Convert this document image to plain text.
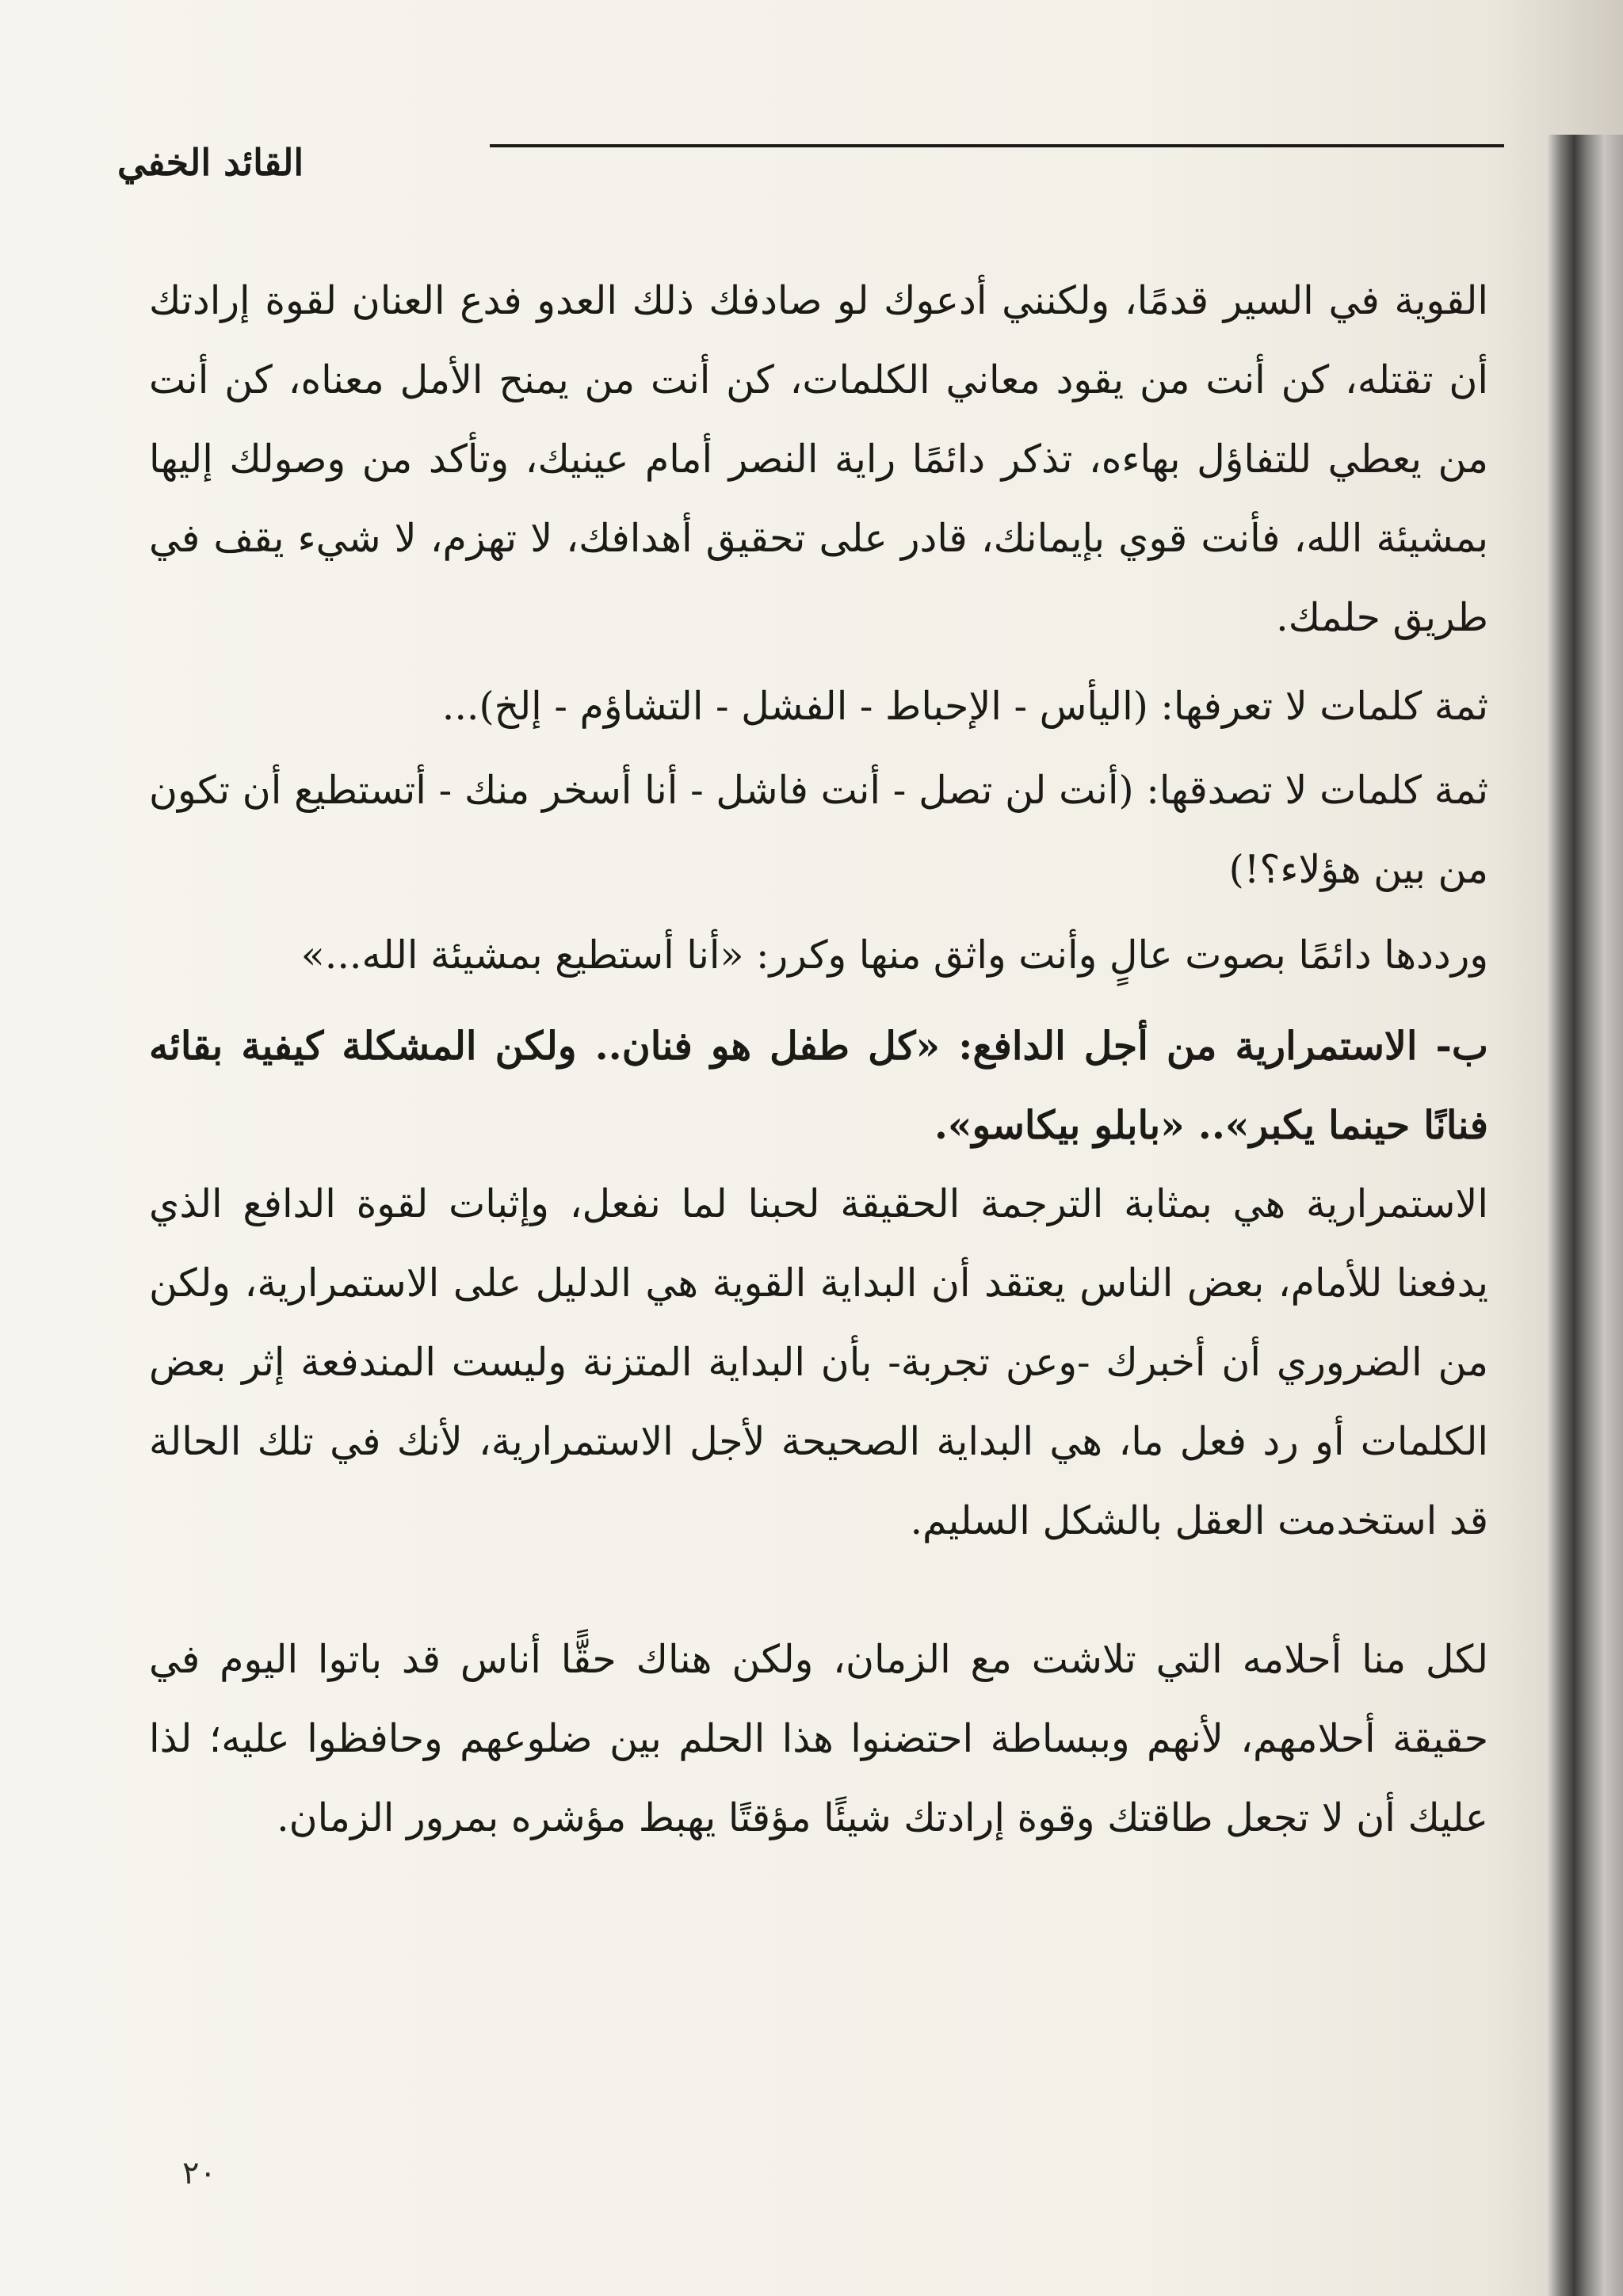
القائد الخفي

القوية في السير قدمًا، ولكنني أدعوك لو صادفك ذلك العدو فدع العنان لقوة إرادتك أن تقتله، كن أنت من يقود معاني الكلمات، كن أنت من يمنح الأمل معناه، كن أنت من يعطي للتفاؤل بهاءه، تذكر دائمًا راية النصر أمام عينيك، وتأكد من وصولك إليها بمشيئة الله، فأنت قوي بإيمانك، قادر على تحقيق أهدافك، لا تهزم، لا شيء يقف في طريق حلمك.

ثمة كلمات لا تعرفها: (اليأس - الإحباط - الفشل - التشاؤم - إلخ)...

ثمة كلمات لا تصدقها: (أنت لن تصل - أنت فاشل - أنا أسخر منك - أتستطيع أن تكون من بين هؤلاء؟!)

ورددها دائمًا بصوت عالٍ وأنت واثق منها وكرر: «أنا أستطيع بمشيئة الله...»

ب- الاستمرارية من أجل الدافع: «كل طفل هو فنان.. ولكن المشكلة كيفية بقائه فنانًا حينما يكبر».. «بابلو بيكاسو».

الاستمرارية هي بمثابة الترجمة الحقيقة لحبنا لما نفعل، وإثبات لقوة الدافع الذي يدفعنا للأمام، بعض الناس يعتقد أن البداية القوية هي الدليل على الاستمرارية، ولكن من الضروري أن أخبرك -وعن تجربة- بأن البداية المتزنة وليست المندفعة إثر بعض الكلمات أو رد فعل ما، هي البداية الصحيحة لأجل الاستمرارية، لأنك في تلك الحالة قد استخدمت العقل بالشكل السليم.

لكل منا أحلامه التي تلاشت مع الزمان، ولكن هناك حقًّا أناس قد باتوا اليوم في حقيقة أحلامهم، لأنهم وببساطة احتضنوا هذا الحلم بين ضلوعهم وحافظوا عليه؛ لذا عليك أن لا تجعل طاقتك وقوة إرادتك شيئًا مؤقتًا يهبط مؤشره بمرور الزمان.

٢٠
